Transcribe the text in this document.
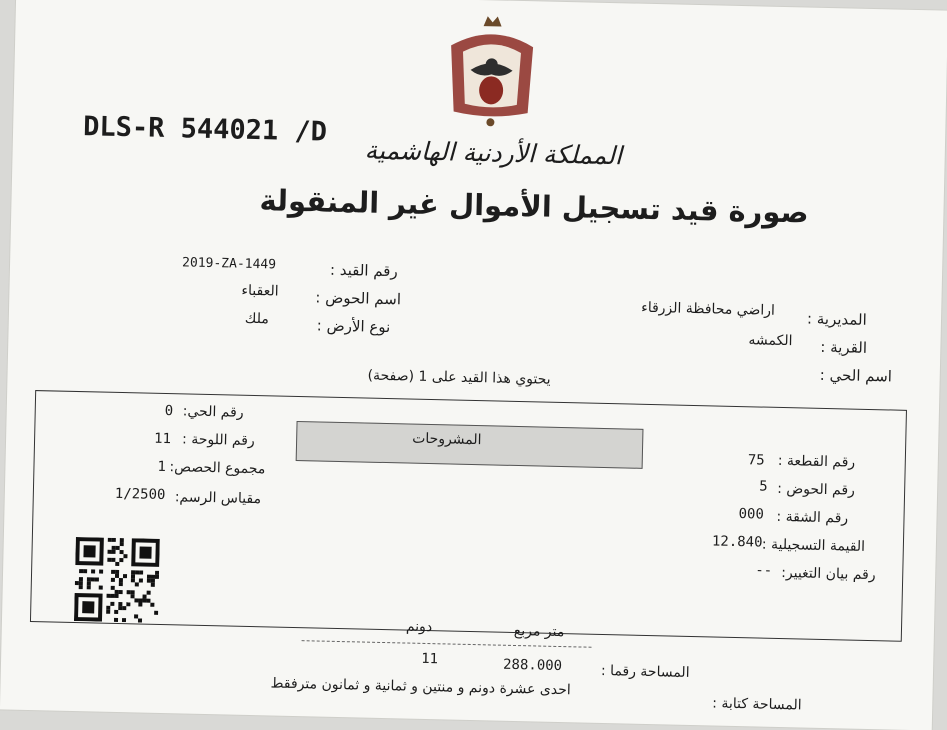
DLS-R 544021 /D
المملكة الأردنية الهاشمية
صورة قيد تسجيل الأموال غير المنقولة
رقم القيد :
2019-ZA-1449
اسم الحوض :
العقباء
نوع الأرض :
ملك	المديرية :
اراضي محافظة الزرقاء
القرية :
الكمشه
اسم الحي :
يحتوي هذا القيد على 1 (صفحة)
المشروحات
رقم الحي:
0
رقم اللوحة :
11
مجموع الحصص:
1
مقياس الرسم:
1/2500
رقم القطعة :
75
رقم الحوض :
5
رقم الشقة :
000
القيمة التسجيلية :
12.840
رقم بيان التغيير:
--
متر مربع
دونم
المساحة رقما :
288.000
11
المساحة كتابة :
احدى عشرة دونم و منتين و ثمانية و ثمانون مترفقط
